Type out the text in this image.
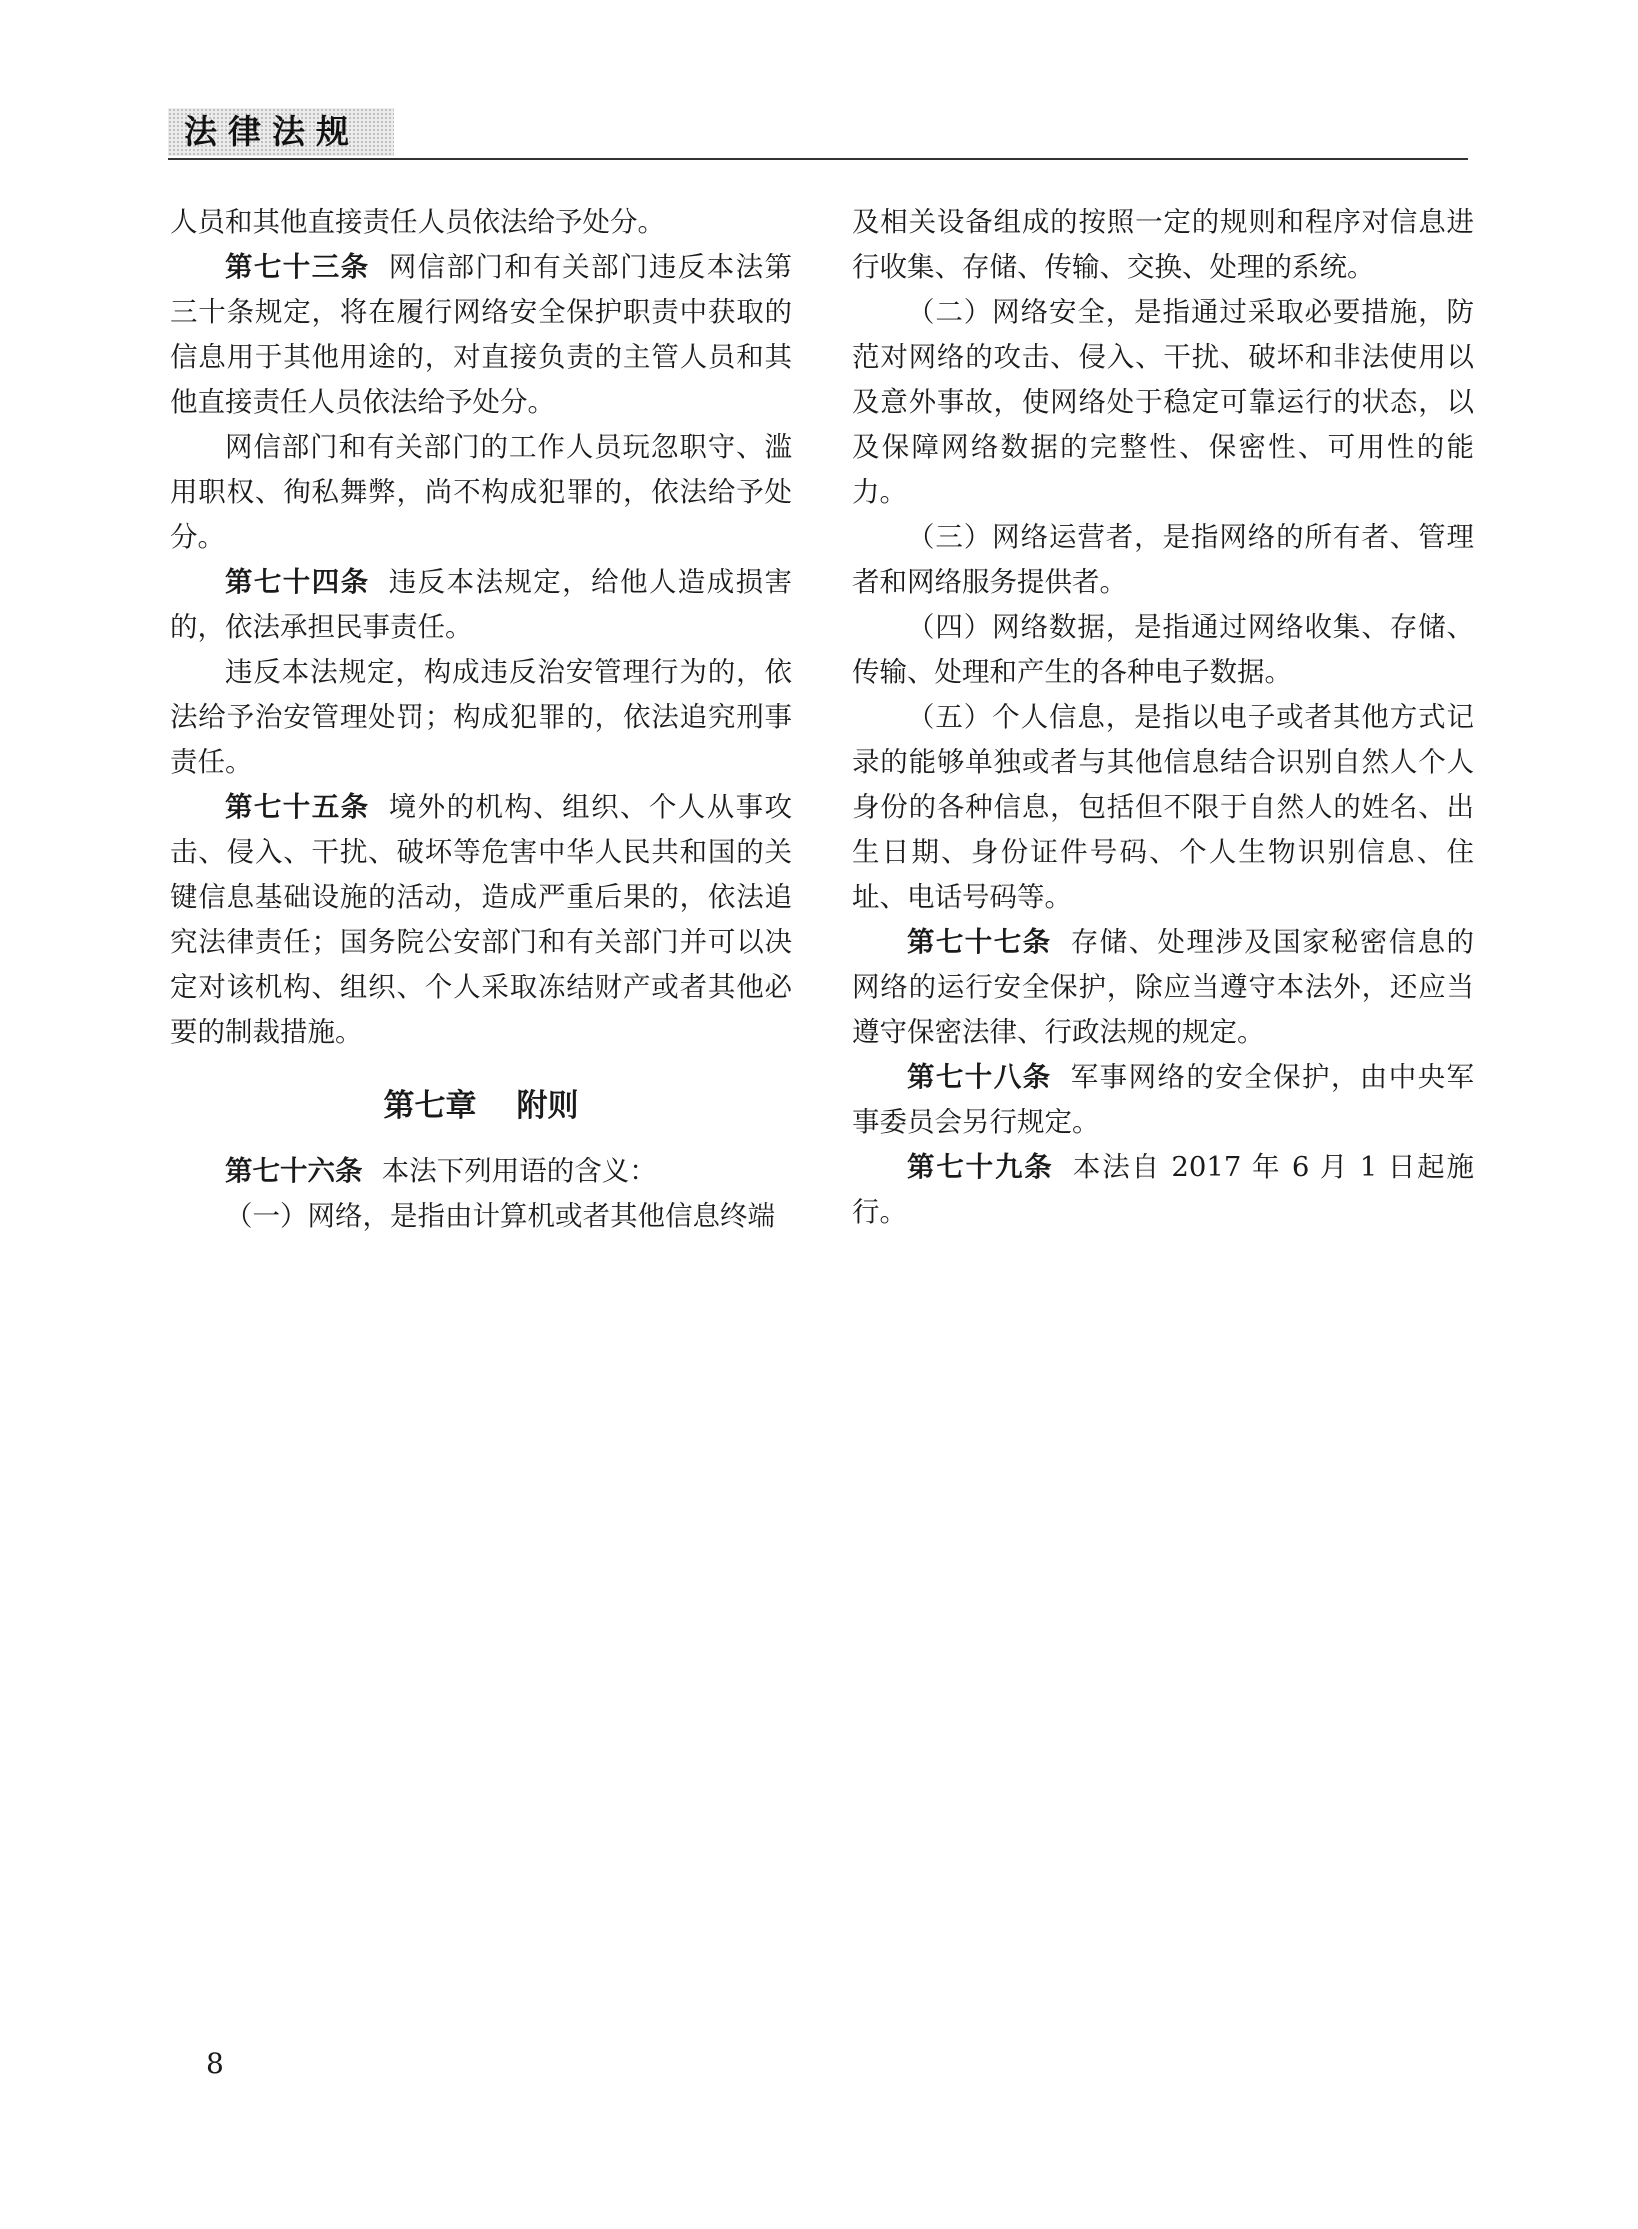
法律法规

人员和其他直接责任人员依法给予处分。

第七十三条 网信部门和有关部门违反本法第三十条规定，将在履行网络安全保护职责中获取的信息用于其他用途的，对直接负责的主管人员和其他直接责任人员依法给予处分。

网信部门和有关部门的工作人员玩忽职守、滥用职权、徇私舞弊，尚不构成犯罪的，依法给予处分。

第七十四条 违反本法规定，给他人造成损害的，依法承担民事责任。

违反本法规定，构成违反治安管理行为的，依法给予治安管理处罚；构成犯罪的，依法追究刑事责任。

第七十五条 境外的机构、组织、个人从事攻击、侵入、干扰、破坏等危害中华人民共和国的关键信息基础设施的活动，造成严重后果的，依法追究法律责任；国务院公安部门和有关部门并可以决定对该机构、组织、个人采取冻结财产或者其他必要的制裁措施。

第七章 附则

第七十六条 本法下列用语的含义：

（一）网络，是指由计算机或者其他信息终端

及相关设备组成的按照一定的规则和程序对信息进行收集、存储、传输、交换、处理的系统。

（二）网络安全，是指通过采取必要措施，防范对网络的攻击、侵入、干扰、破坏和非法使用以及意外事故，使网络处于稳定可靠运行的状态，以及保障网络数据的完整性、保密性、可用性的能力。

（三）网络运营者，是指网络的所有者、管理者和网络服务提供者。

（四）网络数据，是指通过网络收集、存储、传输、处理和产生的各种电子数据。

（五）个人信息，是指以电子或者其他方式记录的能够单独或者与其他信息结合识别自然人个人身份的各种信息，包括但不限于自然人的姓名、出生日期、身份证件号码、个人生物识别信息、住址、电话号码等。

第七十七条 存储、处理涉及国家秘密信息的网络的运行安全保护，除应当遵守本法外，还应当遵守保密法律、行政法规的规定。

第七十八条 军事网络的安全保护，由中央军事委员会另行规定。

第七十九条 本法自 2017 年 6 月 1 日起施行。

8
